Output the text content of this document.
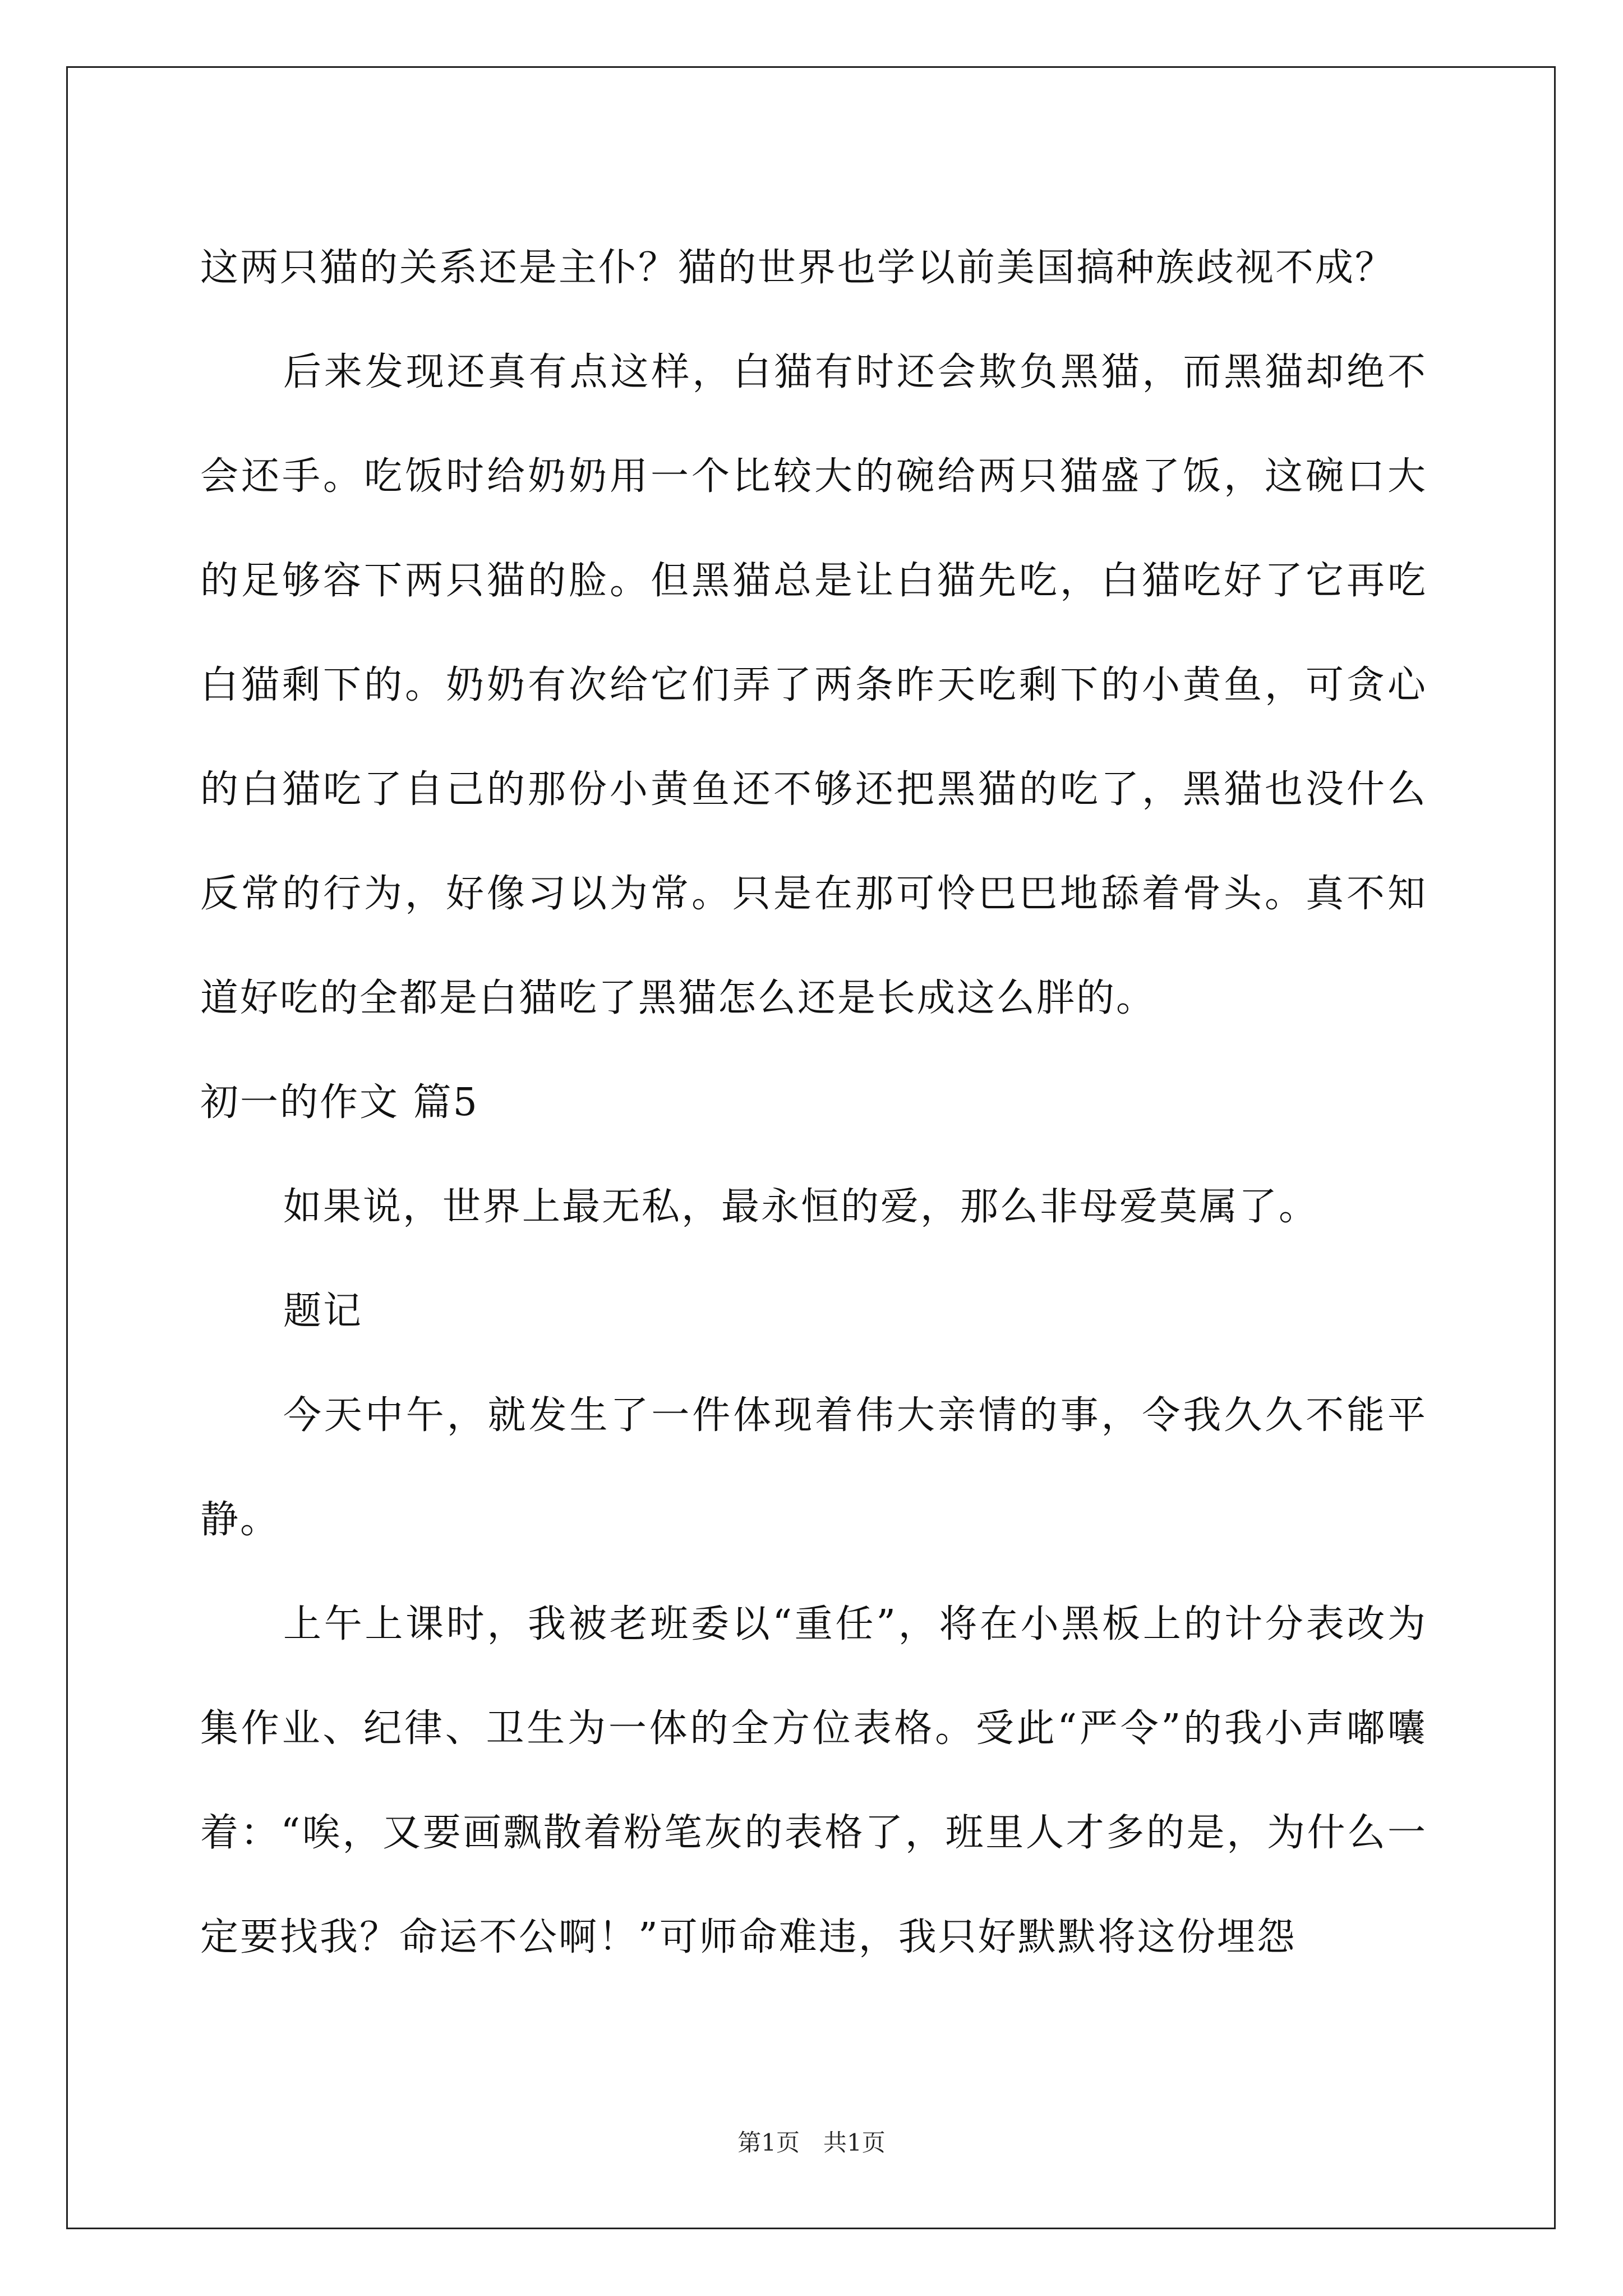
这两只猫的关系还是主仆？猫的世界也学以前美国搞种族歧视不成？

后来发现还真有点这样，白猫有时还会欺负黑猫，而黑猫却绝不会还手。吃饭时给奶奶用一个比较大的碗给两只猫盛了饭，这碗口大的足够容下两只猫的脸。但黑猫总是让白猫先吃，白猫吃好了它再吃白猫剩下的。奶奶有次给它们弄了两条昨天吃剩下的小黄鱼，可贪心的白猫吃了自己的那份小黄鱼还不够还把黑猫的吃了，黑猫也没什么反常的行为，好像习以为常。只是在那可怜巴巴地舔着骨头。真不知道好吃的全都是白猫吃了黑猫怎么还是长成这么胖的。

初一的作文 篇5

如果说，世界上最无私，最永恒的爱，那么非母爱莫属了。

题记

今天中午，就发生了一件体现着伟大亲情的事，令我久久不能平静。

上午上课时，我被老班委以“重任”，将在小黑板上的计分表改为集作业、纪律、卫生为一体的全方位表格。受此“严令”的我小声嘟囔着：“唉，又要画飘散着粉笔灰的表格了，班里人才多的是，为什么一定要找我？命运不公啊！”可师命难违，我只好默默将这份埋怨

第1页　共1页
